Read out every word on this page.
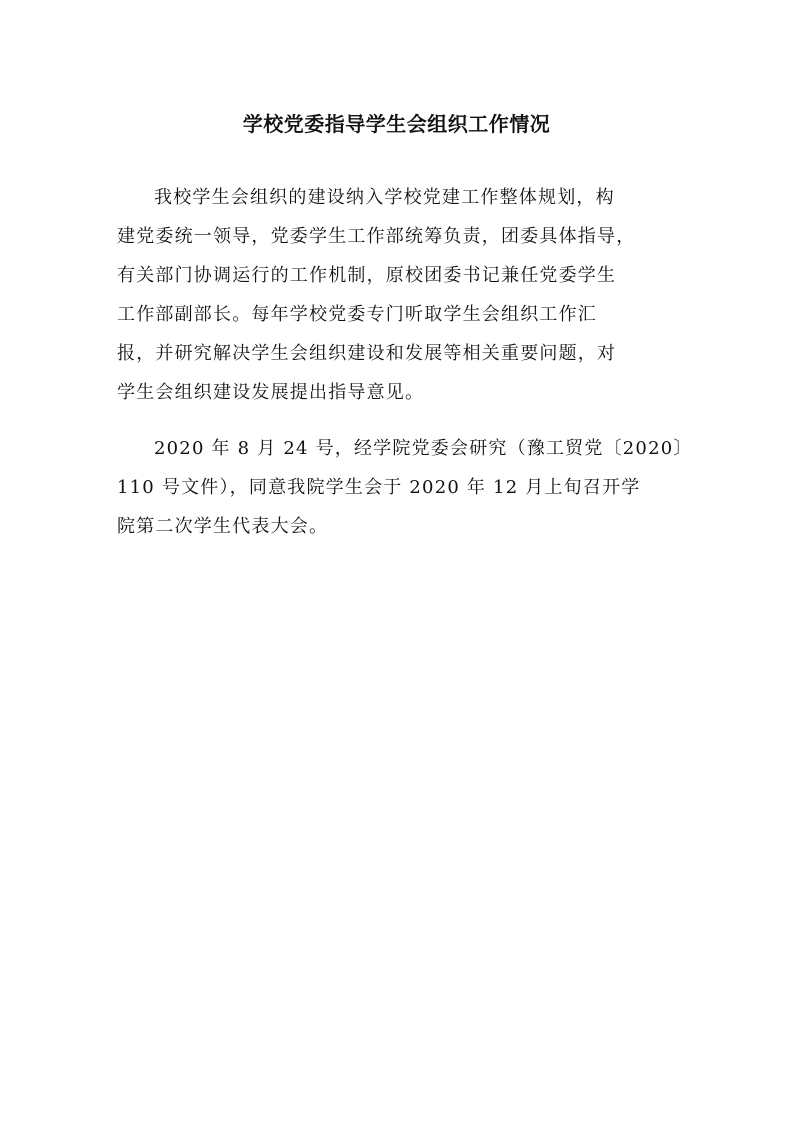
学校党委指导学生会组织工作情况
我校学生会组织的建设纳入学校党建工作整体规划，构
建党委统一领导，党委学生工作部统筹负责，团委具体指导，
有关部门协调运行的工作机制，原校团委书记兼任党委学生
工作部副部长。每年学校党委专门听取学生会组织工作汇
报，并研究解决学生会组织建设和发展等相关重要问题，对
学生会组织建设发展提出指导意见。
2020 年 8 月 24 号，经学院党委会研究（豫工贸党〔2020〕
110 号文件），同意我院学生会于 2020 年 12 月上旬召开学
院第二次学生代表大会。
